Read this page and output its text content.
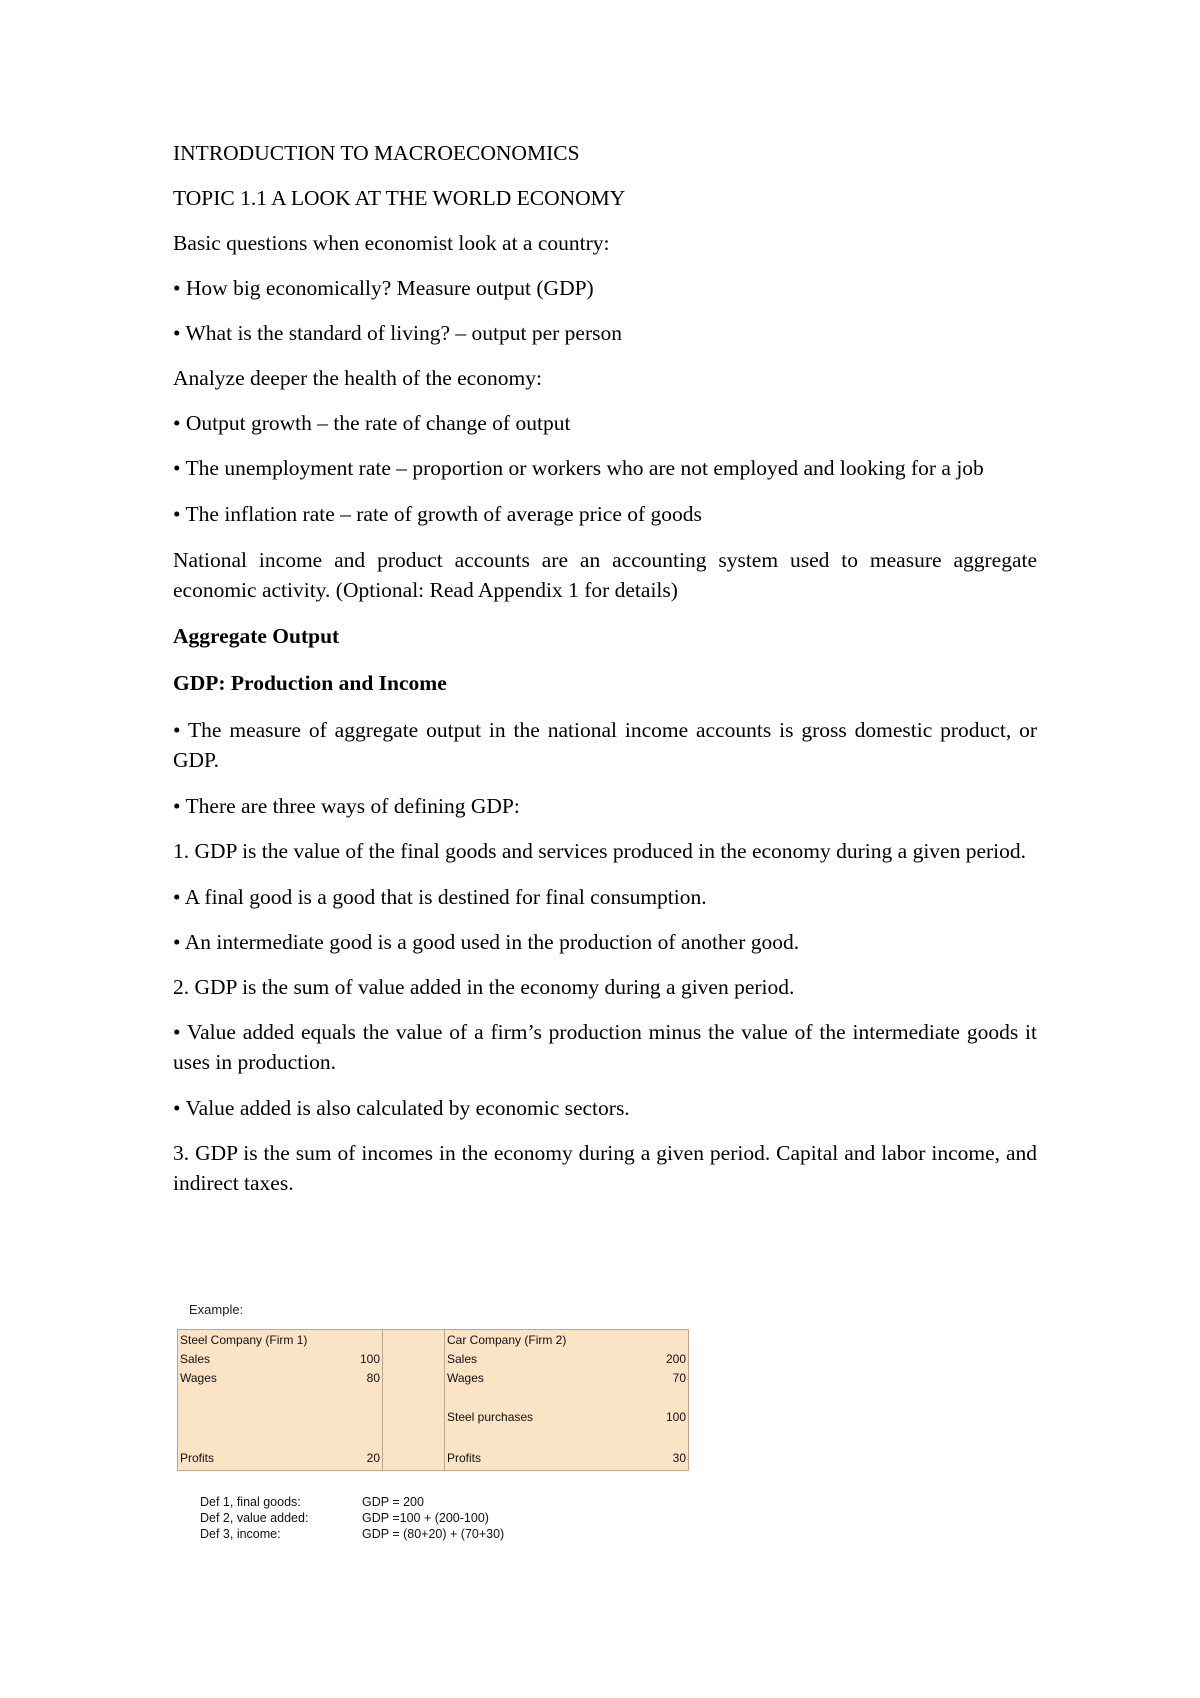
INTRODUCTION TO MACROECONOMICS

TOPIC 1.1 A LOOK AT THE WORLD ECONOMY

Basic questions when economist look at a country:

• How big economically? Measure output (GDP)

• What is the standard of living? – output per person

Analyze deeper the health of the economy:

• Output growth – the rate of change of output

• The unemployment rate – proportion or workers who are not employed and looking for a job

• The inflation rate – rate of growth of average price of goods

National income and product accounts are an accounting system used to measure aggregate economic activity. (Optional: Read Appendix 1 for details)

Aggregate Output

GDP: Production and Income

• The measure of aggregate output in the national income accounts is gross domestic product, or GDP.

• There are three ways of defining GDP:

1. GDP is the value of the final goods and services produced in the economy during a given period.

• A final good is a good that is destined for final consumption.

• An intermediate good is a good used in the production of another good.

2. GDP is the sum of value added in the economy during a given period.

• Value added equals the value of a firm’s production minus the value of the intermediate goods it uses in production.

• Value added is also calculated by economic sectors.

3. GDP is the sum of incomes in the economy during a given period. Capital and labor income, and indirect taxes.

Example:
Steel Company (Firm 1)
Sales	100
Wages	80
Profits	20
Car Company (Firm 2)
Sales	200
Wages	70
Steel purchases	100
Profits	30
Def 1, final goods:	GDP = 200
Def 2, value added:	GDP =100 + (200-100)
Def 3, income:	GDP = (80+20) + (70+30)
